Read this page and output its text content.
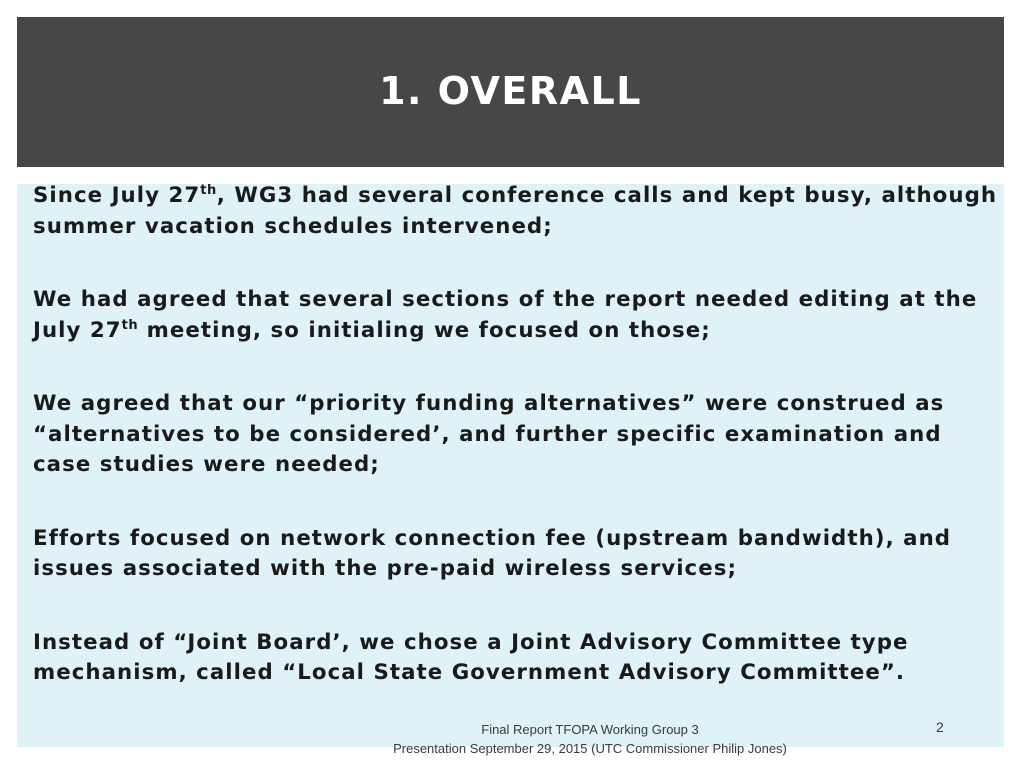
1. OVERALL
Since July 27th, WG3 had several conference calls and kept busy, although summer vacation schedules intervened;
We had agreed that several sections of the report needed editing at the July 27th meeting, so initialing we focused on those;
We agreed that our “priority funding alternatives” were construed as “alternatives to be considered’, and further specific examination and case studies were needed;
Efforts focused on network connection fee (upstream bandwidth), and issues associated with the pre-paid wireless services;
Instead of “Joint Board’, we chose a Joint Advisory Committee type mechanism, called “Local State Government Advisory Committee”.
Final Report TFOPA Working Group 3
Presentation September 29, 2015 (UTC Commissioner Philip Jones)
2
